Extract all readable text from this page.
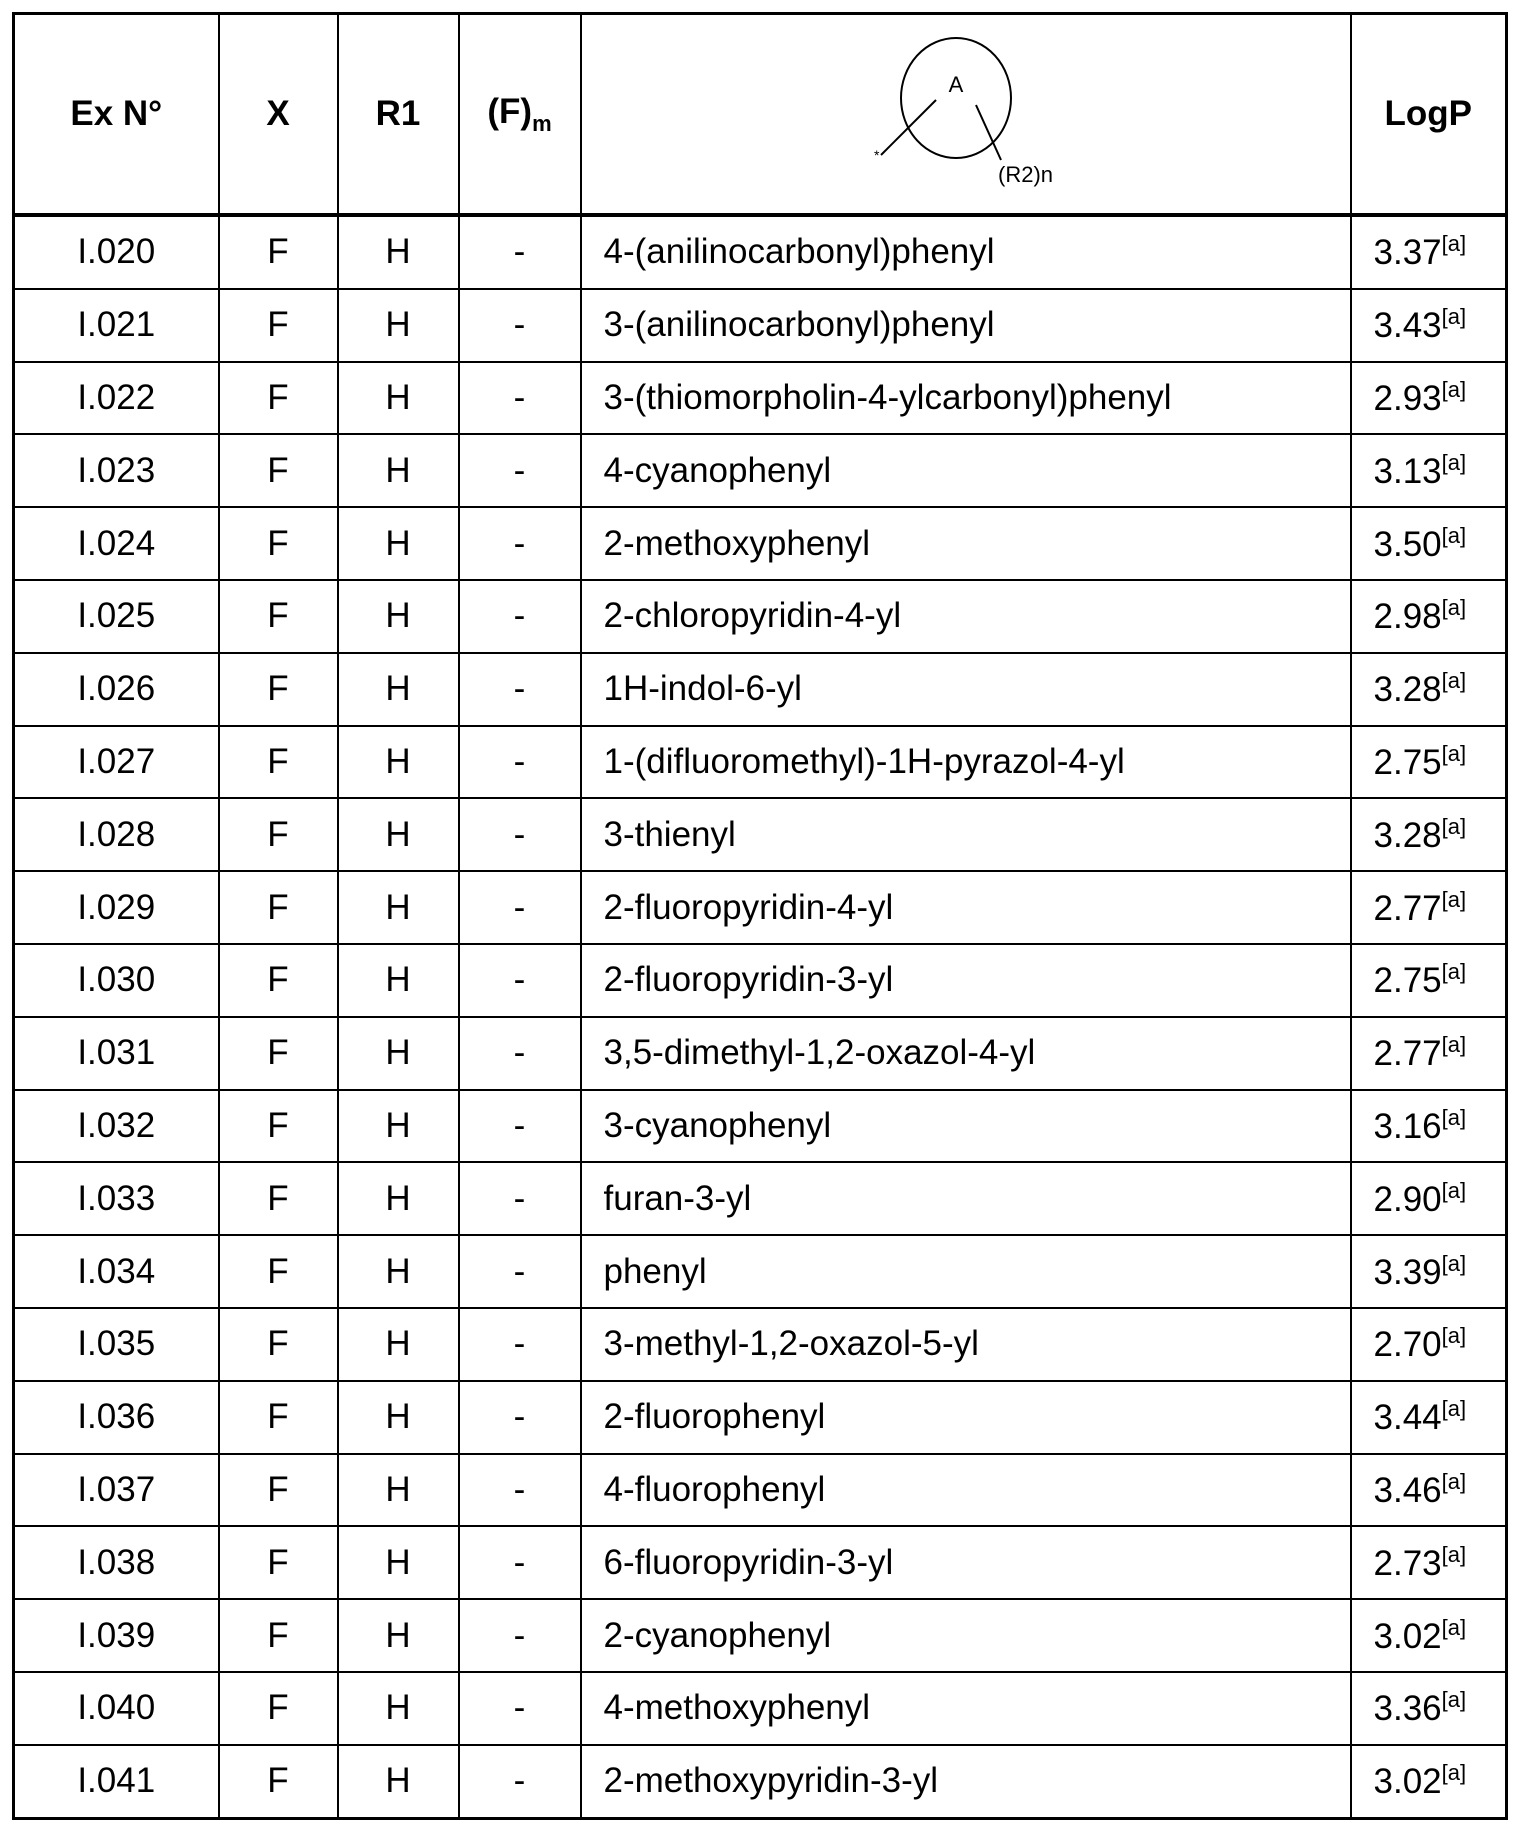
Ex N°	X	R1	(F)m	
A
*
(R2)n
	LogP
I.020	F	H	-	4-(anilinocarbonyl)phenyl	3.37[a]
I.021	F	H	-	3-(anilinocarbonyl)phenyl	3.43[a]
I.022	F	H	-	3-(thiomorpholin-4-ylcarbonyl)phenyl	2.93[a]
I.023	F	H	-	4-cyanophenyl	3.13[a]
I.024	F	H	-	2-methoxyphenyl	3.50[a]
I.025	F	H	-	2-chloropyridin-4-yl	2.98[a]
I.026	F	H	-	1H-indol-6-yl	3.28[a]
I.027	F	H	-	1-(difluoromethyl)-1H-pyrazol-4-yl	2.75[a]
I.028	F	H	-	3-thienyl	3.28[a]
I.029	F	H	-	2-fluoropyridin-4-yl	2.77[a]
I.030	F	H	-	2-fluoropyridin-3-yl	2.75[a]
I.031	F	H	-	3,5-dimethyl-1,2-oxazol-4-yl	2.77[a]
I.032	F	H	-	3-cyanophenyl	3.16[a]
I.033	F	H	-	furan-3-yl	2.90[a]
I.034	F	H	-	phenyl	3.39[a]
I.035	F	H	-	3-methyl-1,2-oxazol-5-yl	2.70[a]
I.036	F	H	-	2-fluorophenyl	3.44[a]
I.037	F	H	-	4-fluorophenyl	3.46[a]
I.038	F	H	-	6-fluoropyridin-3-yl	2.73[a]
I.039	F	H	-	2-cyanophenyl	3.02[a]
I.040	F	H	-	4-methoxyphenyl	3.36[a]
I.041	F	H	-	2-methoxypyridin-3-yl	3.02[a]
